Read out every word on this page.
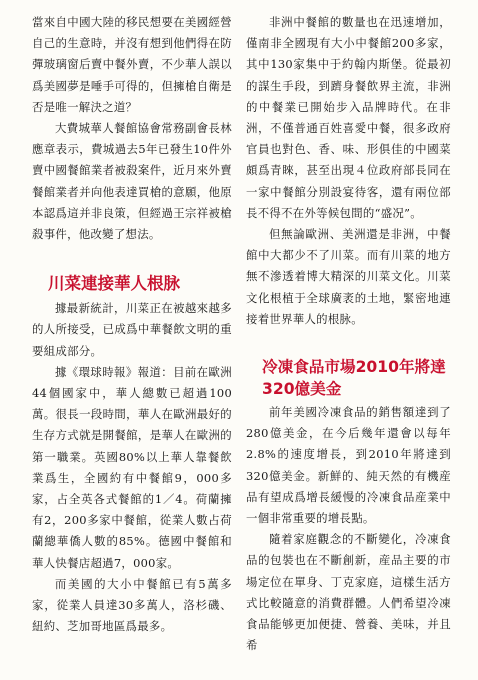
當來自中國大陸的移民想要在美國經營自己的生意時，并沒有想到他們得在防彈玻璃窗后賣中餐外賣，不少華人誤以爲美國夢是唾手可得的，但擁槍自衛是否是唯一解決之道？

大費城華人餐館協會常務副會長林應章表示，費城過去5年已發生10件外賣中國餐館業者被殺案件，近月來外賣餐館業者并向他表達買槍的意願，他原本認爲這并非良策，但經過王宗祥被槍殺事件，他改變了想法。

川菜連接華人根脉

據最新統計，川菜正在被越來越多的人所接受，已成爲中華餐飲文明的重要組成部分。

據《環球時報》報道：目前在歐洲44個國家中，華人總數已超過100萬。很長一段時間，華人在歐洲最好的生存方式就是開餐館，是華人在歐洲的第一職業。英國80%以上華人靠餐飲業爲生，全國約有中餐館9，000多家，占全英各式餐館的1／4。荷蘭擁有2，200多家中餐館，從業人數占荷蘭總華僑人數的85%。德國中餐館和華人快餐店超過7，000家。

而美國的大小中餐館已有5萬多家，從業人員達30多萬人，洛杉磯、紐約、芝加哥地區爲最多。

非洲中餐館的數量也在迅速增加，僅南非全國現有大小中餐館200多家，其中130家集中于約翰内斯堡。從最初的謀生手段，到躋身餐飲界主流，非洲的中餐業已開始步入品牌時代。在非洲，不僅普通百姓喜愛中餐，很多政府官員也對色、香、味、形俱佳的中國菜頗爲青睞，甚至出現４位政府部長同在一家中餐館分別設宴待客，還有兩位部長不得不在外等候包間的“盛况”。

但無論歐洲、美洲還是非洲，中餐館中大都少不了川菜。而有川菜的地方無不滲透着博大精深的川菜文化。川菜文化根植于全球廣袤的土地，緊密地連接着世界華人的根脉。

冷凍食品市場2010年將達320億美金

前年美國冷凍食品的銷售額達到了280億美金，在今后幾年還會以每年2.8%的速度增長，到2010年將達到320億美金。新鮮的、純天然的有機産品有望成爲增長緩慢的冷凍食品産業中一個非常重要的增長點。

隨着家庭觀念的不斷變化，冷凍食品的包裝也在不斷創新，産品主要的市場定位在單身、丁克家庭，這樣生活方式比較隨意的消費群體。人們希望冷凍食品能够更加便捷、營養、美味，并且希
